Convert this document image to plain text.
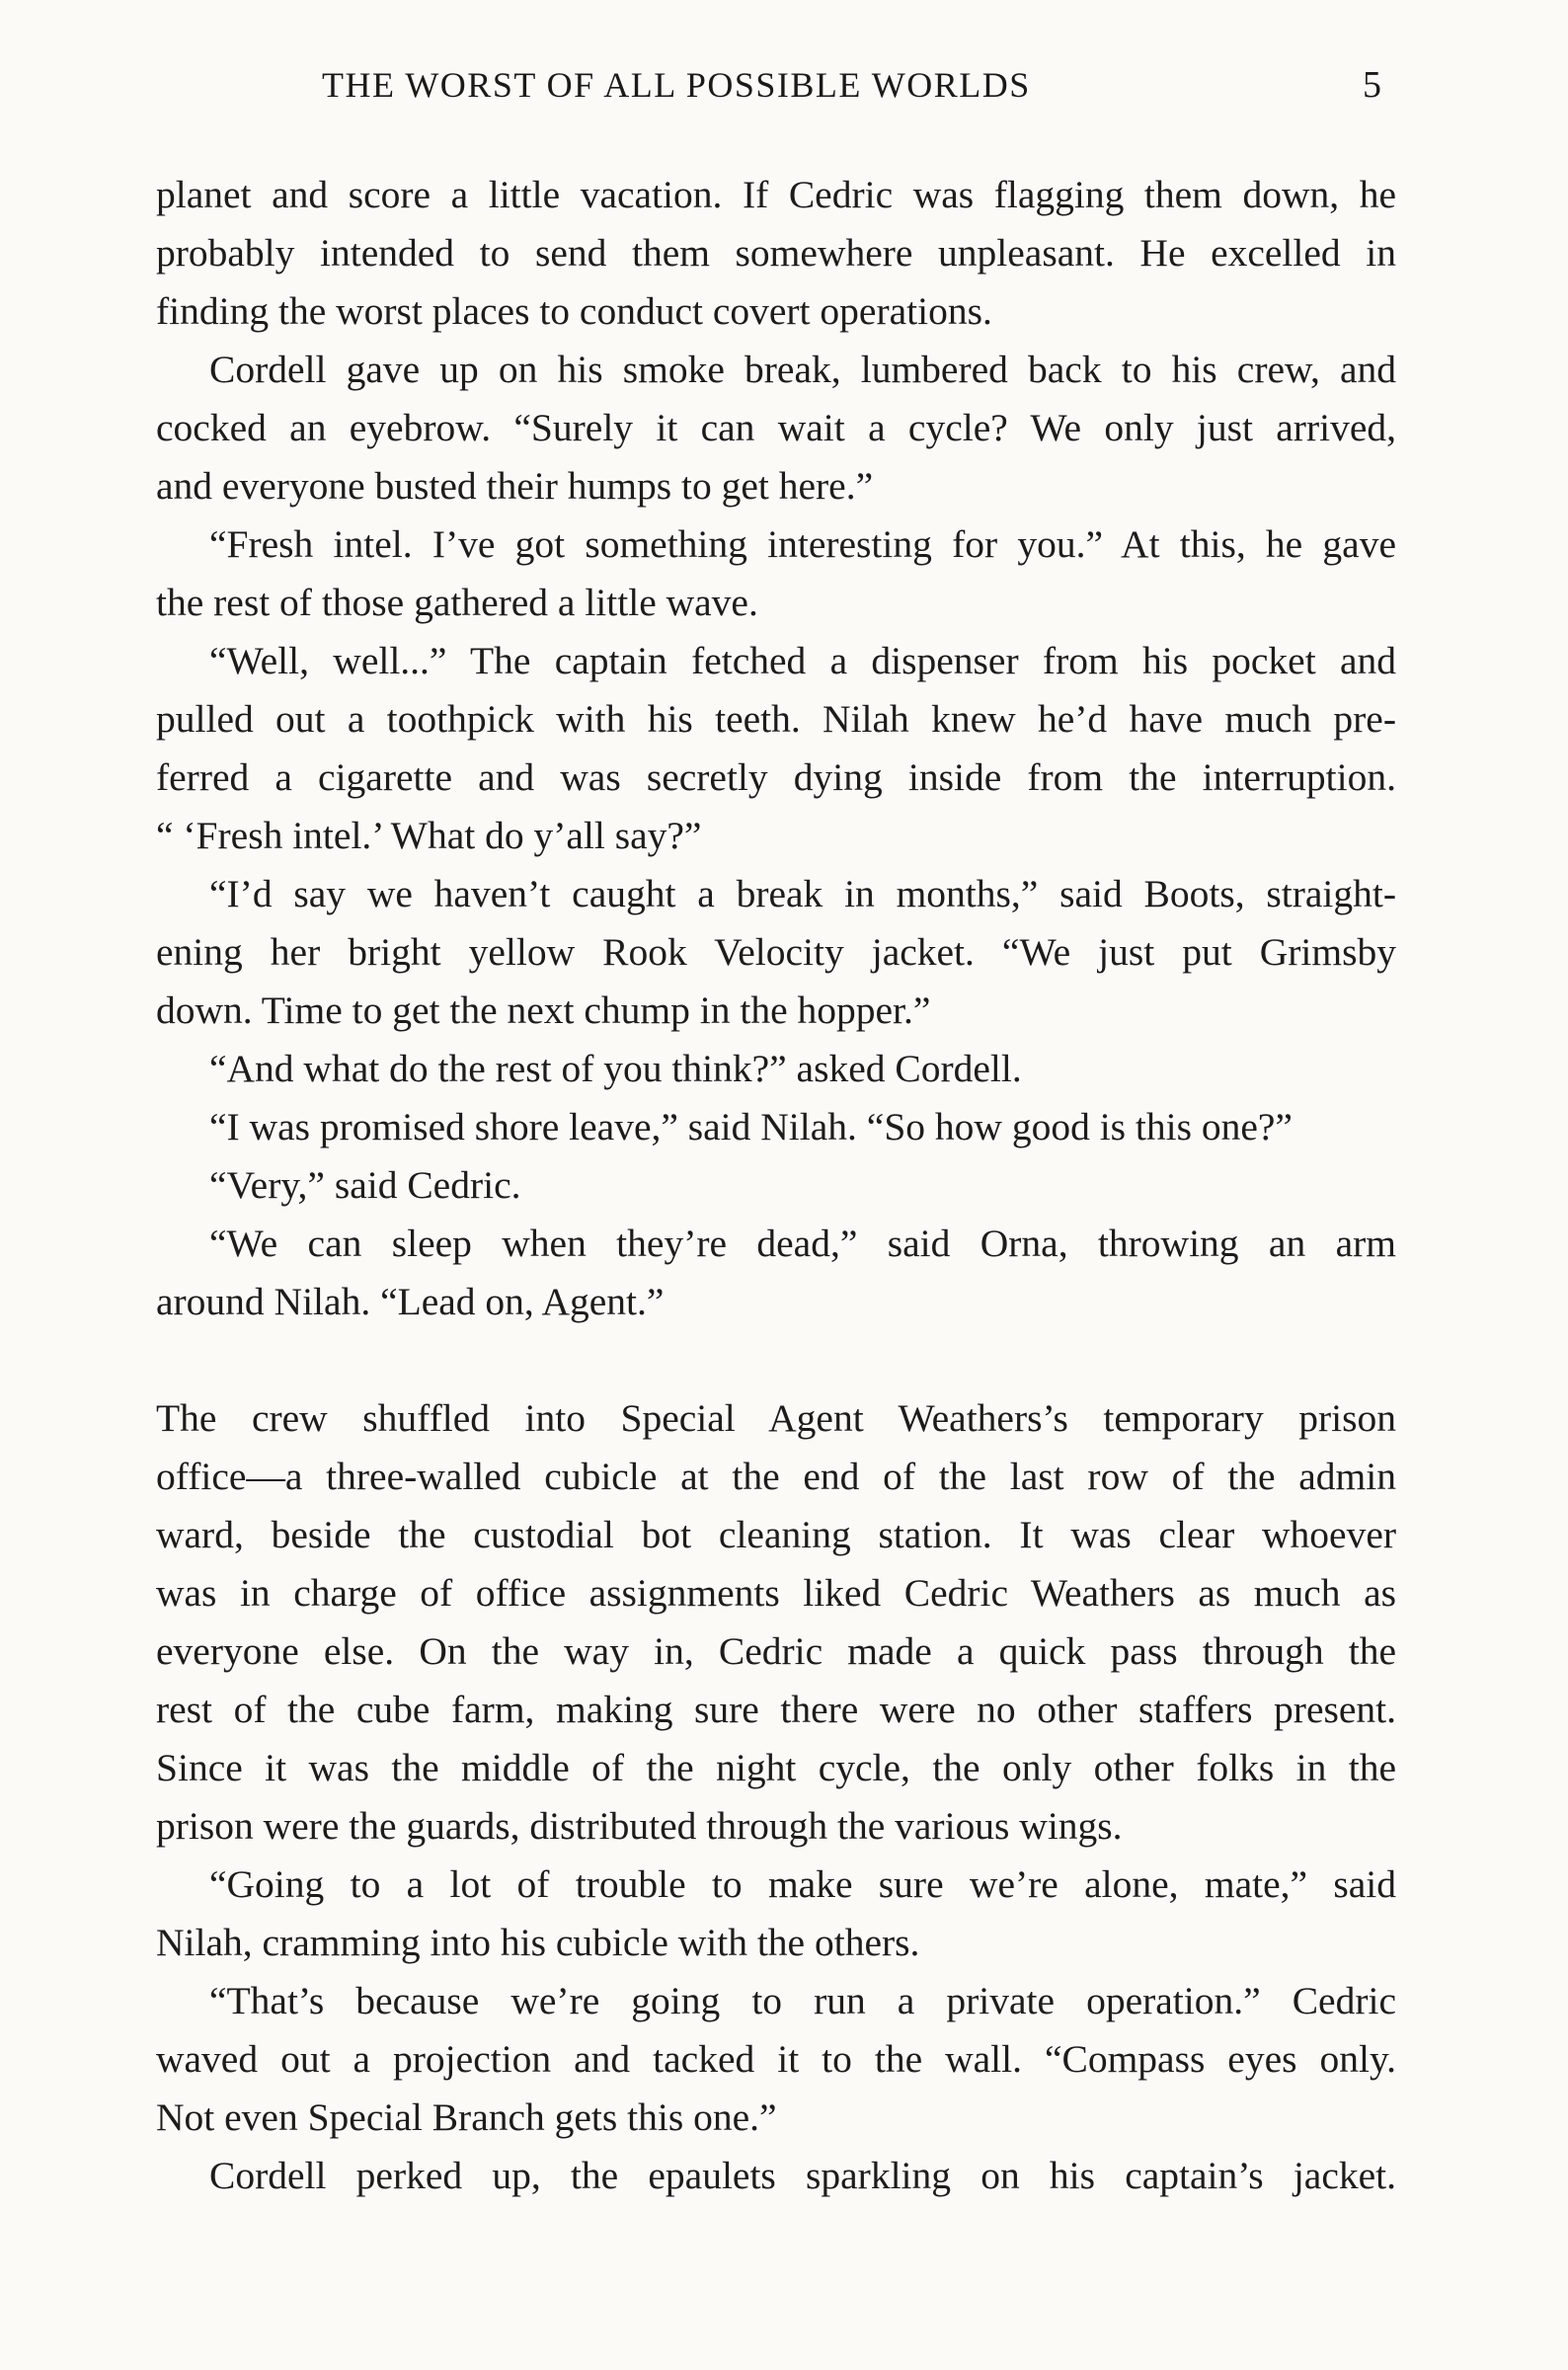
THE WORST OF ALL POSSIBLE WORLDS	5
planet and score a little vacation. If Cedric was flagging them down, he
probably intended to send them somewhere unpleasant. He excelled in
finding the worst places to conduct covert operations.
Cordell gave up on his smoke break, lumbered back to his crew, and
cocked an eyebrow. “Surely it can wait a cycle? We only just arrived,
and everyone busted their humps to get here.”
“Fresh intel. I’ve got something interesting for you.” At this, he gave
the rest of those gathered a little wave.
“Well, well...” The captain fetched a dispenser from his pocket and
pulled out a toothpick with his teeth. Nilah knew he’d have much pre-
ferred a cigarette and was secretly dying inside from the interruption.
“ ‘Fresh intel.’ What do y’all say?”
“I’d say we haven’t caught a break in months,” said Boots, straight-
ening her bright yellow Rook Velocity jacket. “We just put Grimsby
down. Time to get the next chump in the hopper.”
“And what do the rest of you think?” asked Cordell.
“I was promised shore leave,” said Nilah. “So how good is this one?”
“Very,” said Cedric.
“We can sleep when they’re dead,” said Orna, throwing an arm
around Nilah. “Lead on, Agent.”
The crew shuffled into Special Agent Weathers’s temporary prison
office—a three-walled cubicle at the end of the last row of the admin
ward, beside the custodial bot cleaning station. It was clear whoever
was in charge of office assignments liked Cedric Weathers as much as
everyone else. On the way in, Cedric made a quick pass through the
rest of the cube farm, making sure there were no other staffers present.
Since it was the middle of the night cycle, the only other folks in the
prison were the guards, distributed through the various wings.
“Going to a lot of trouble to make sure we’re alone, mate,” said
Nilah, cramming into his cubicle with the others.
“That’s because we’re going to run a private operation.” Cedric
waved out a projection and tacked it to the wall. “Compass eyes only.
Not even Special Branch gets this one.”
Cordell perked up, the epaulets sparkling on his captain’s jacket.
